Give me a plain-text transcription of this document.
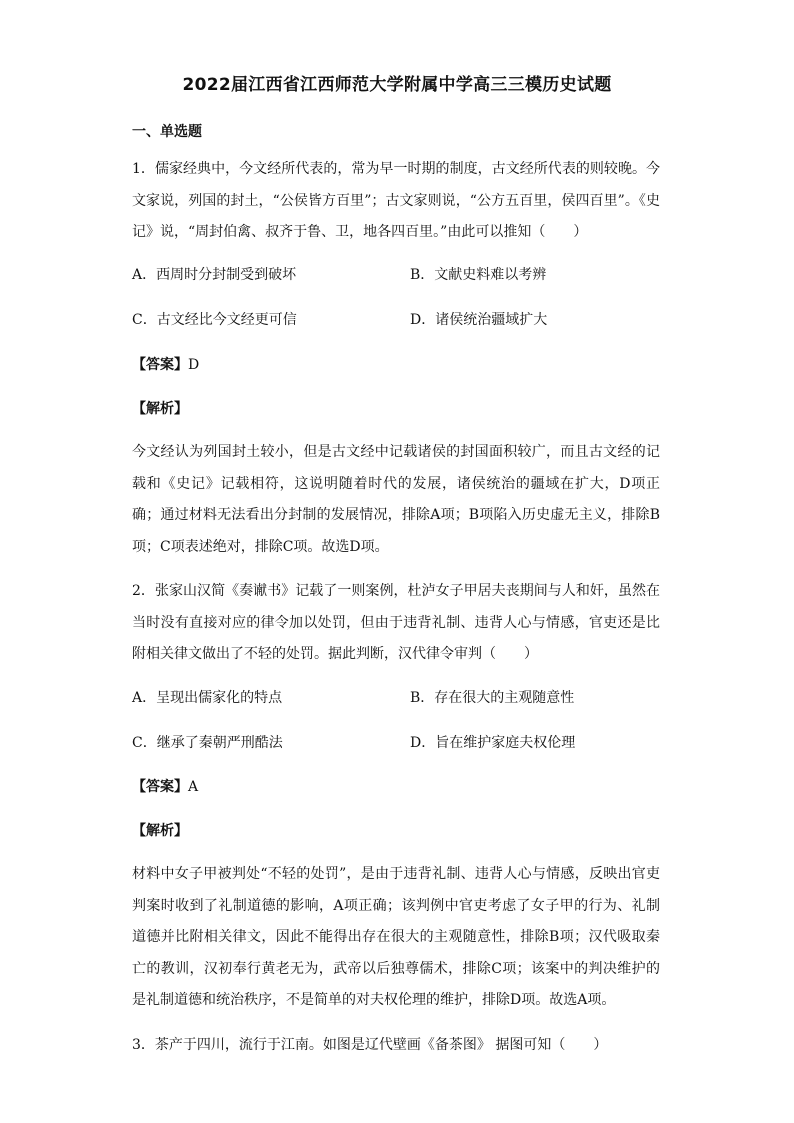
2022届江西省江西师范大学附属中学高三三模历史试题
一、单选题

1．儒家经典中，今文经所代表的，常为早一时期的制度，古文经所代表的则较晚。今文家说，列国的封土，“公侯皆方百里”；古文家则说，“公方五百里，侯四百里”。《史记》说，“周封伯禽、叔齐于鲁、卫，地各四百里。”由此可以推知（　　）

A．西周时分封制受到破坏	B．文献史料难以考辨
C．古文经比今文经更可信	D．诸侯统治疆域扩大
【答案】D
【解析】

今文经认为列国封土较小，但是古文经中记载诸侯的封国面积较广，而且古文经的记载和《史记》记载相符，这说明随着时代的发展，诸侯统治的疆域在扩大，D项正确；通过材料无法看出分封制的发展情况，排除A项；B项陷入历史虚无主义，排除B项；C项表述绝对，排除C项。故选D项。

2．张家山汉简《奏谳书》记载了一则案例，杜泸女子甲居夫丧期间与人和奸，虽然在当时没有直接对应的律令加以处罚，但由于违背礼制、违背人心与情感，官吏还是比附相关律文做出了不轻的处罚。据此判断，汉代律令审判（　　）

A．呈现出儒家化的特点	B．存在很大的主观随意性
C．继承了秦朝严刑酷法	D．旨在维护家庭夫权伦理
【答案】A
【解析】

材料中女子甲被判处“不轻的处罚”，是由于违背礼制、违背人心与情感，反映出官吏判案时收到了礼制道德的影响，A项正确；该判例中官吏考虑了女子甲的行为、礼制道德并比附相关律文，因此不能得出存在很大的主观随意性，排除B项；汉代吸取秦亡的教训，汉初奉行黄老无为，武帝以后独尊儒术，排除C项；该案中的判决维护的是礼制道德和统治秩序，不是简单的对夫权伦理的维护，排除D项。故选A项。

3．茶产于四川，流行于江南。如图是辽代壁画《备茶图》 据图可知（　　）
